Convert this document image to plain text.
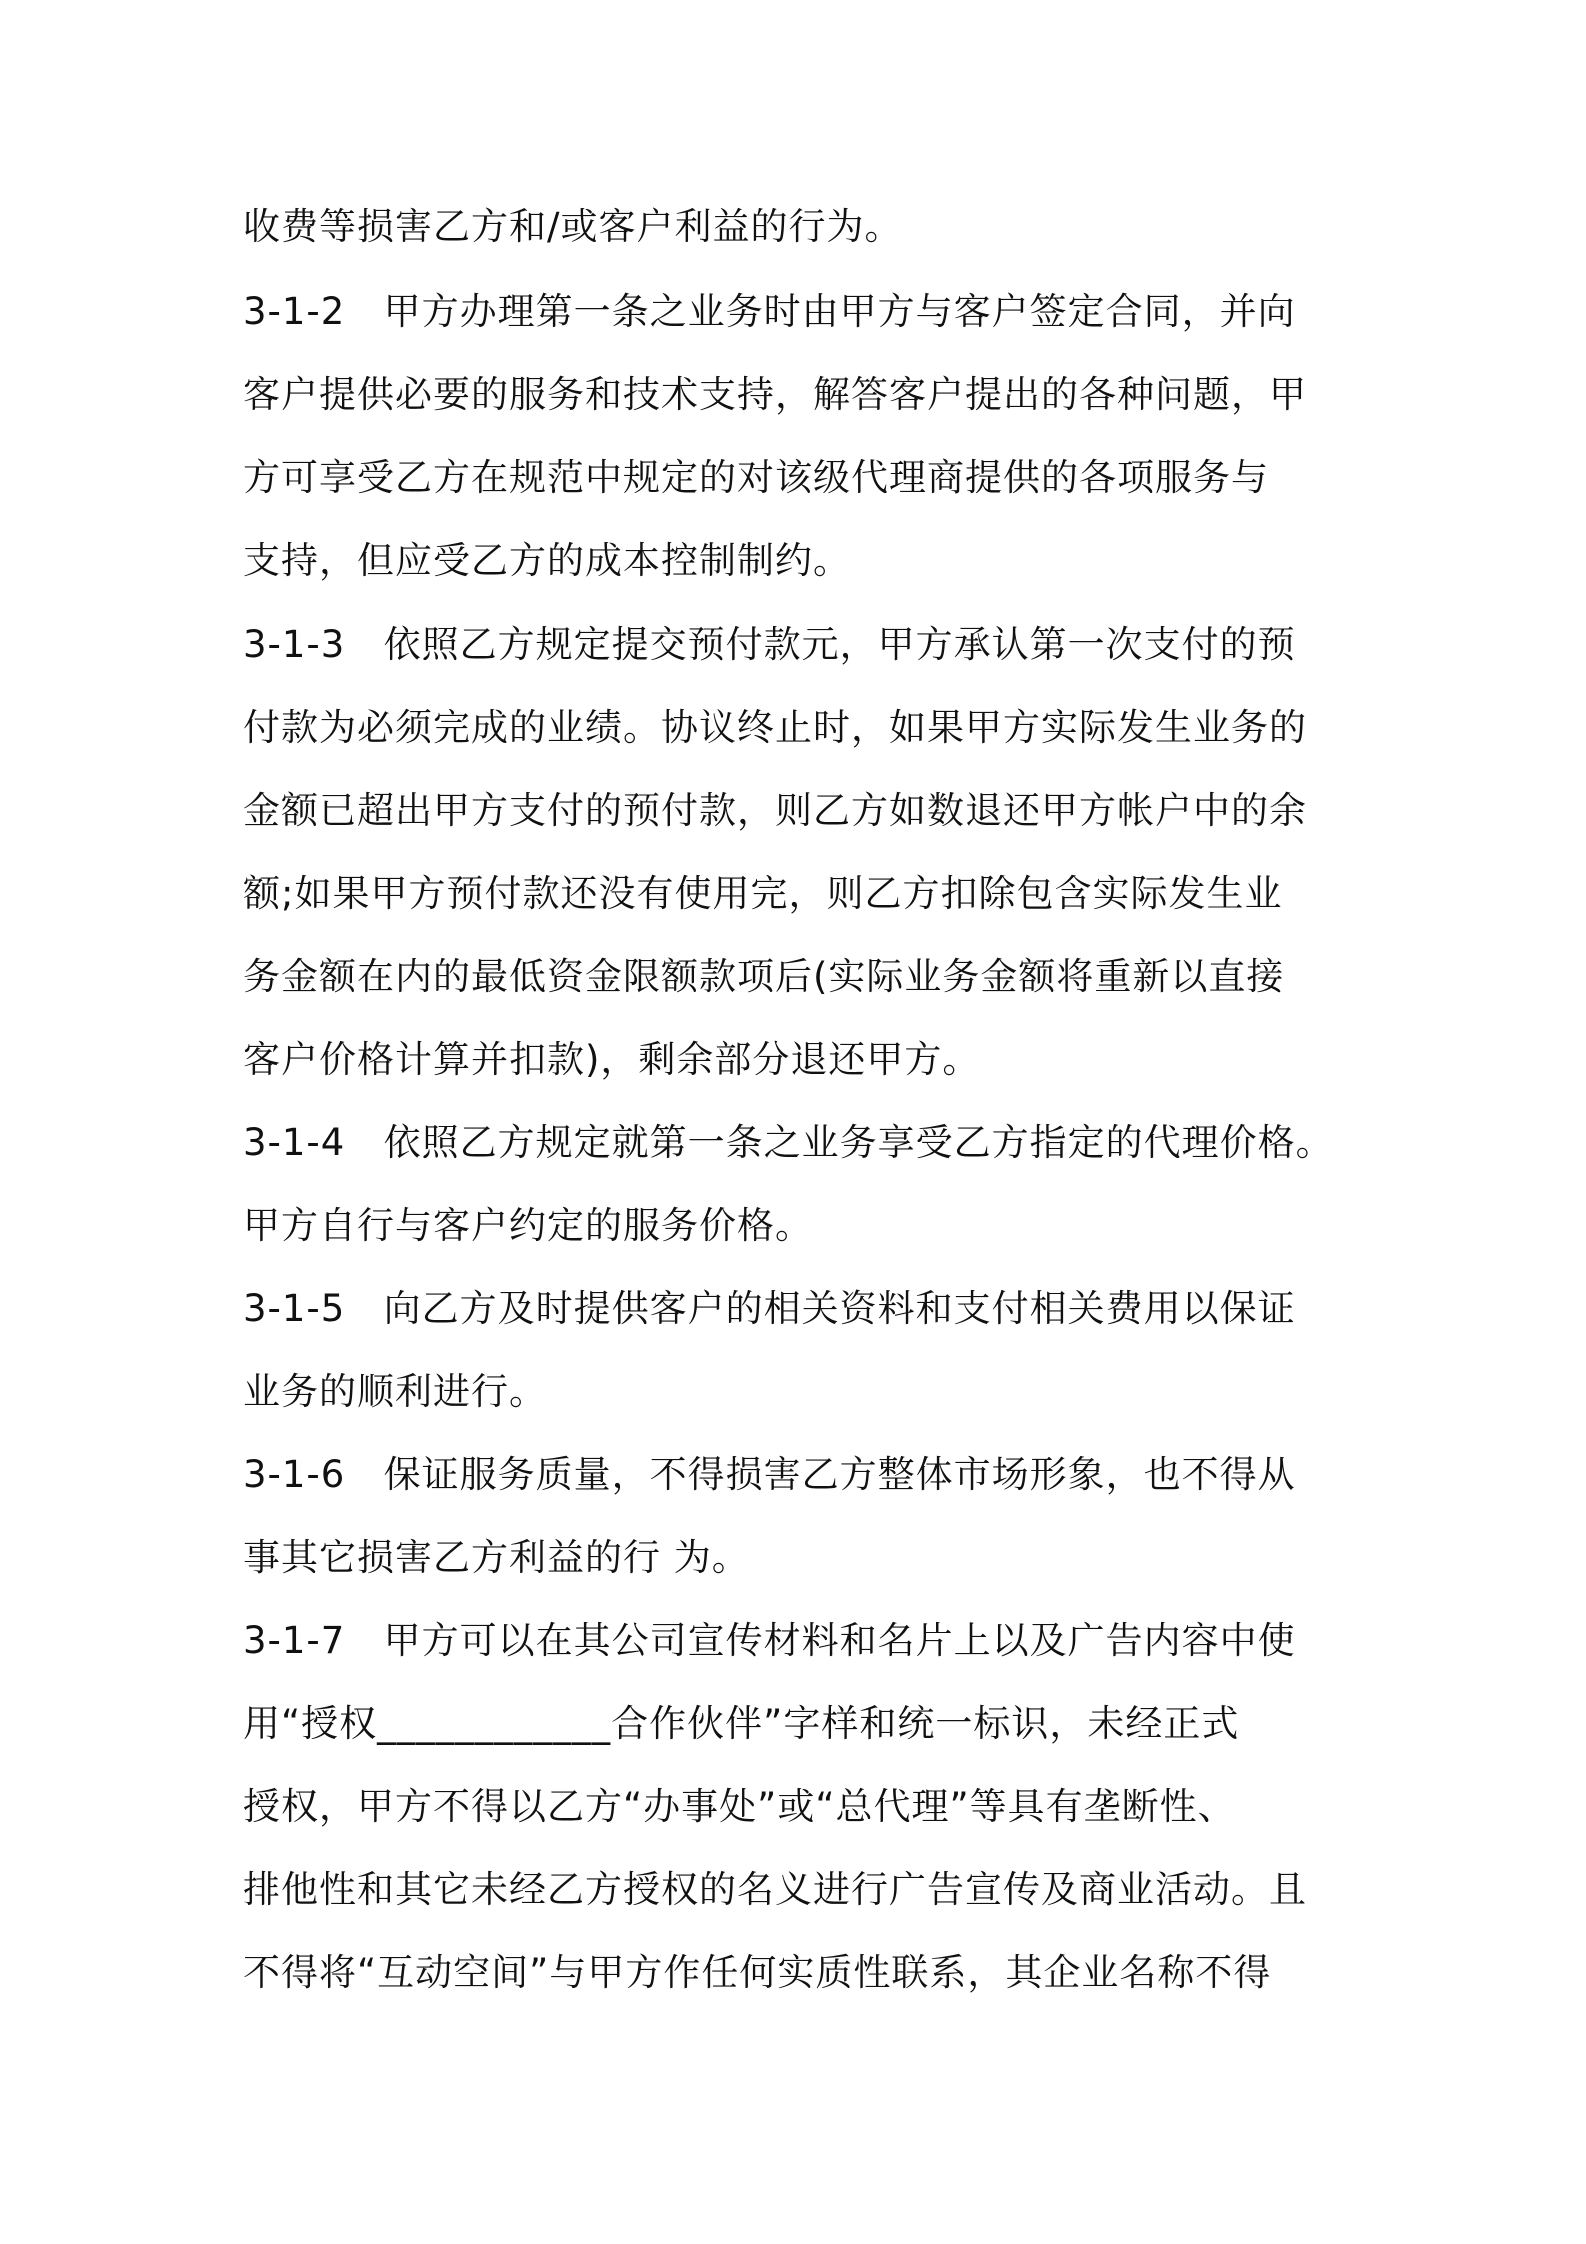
收费等损害乙方和/或客户利益的行为。
3-1-2   甲方办理第一条之业务时由甲方与客户签定合同，并向
客户提供必要的服务和技术支持，解答客户提出的各种问题，甲
方可享受乙方在规范中规定的对该级代理商提供的各项服务与
支持，但应受乙方的成本控制制约。
3-1-3   依照乙方规定提交预付款元，甲方承认第一次支付的预
付款为必须完成的业绩。协议终止时，如果甲方实际发生业务的
金额已超出甲方支付的预付款，则乙方如数退还甲方帐户中的余
额;如果甲方预付款还没有使用完，则乙方扣除包含实际发生业
务金额在内的最低资金限额款项后(实际业务金额将重新以直接
客户价格计算并扣款)，剩余部分退还甲方。
3-1-4   依照乙方规定就第一条之业务享受乙方指定的代理价格。
甲方自行与客户约定的服务价格。
3-1-5   向乙方及时提供客户的相关资料和支付相关费用以保证
业务的顺利进行。
3-1-6   保证服务质量，不得损害乙方整体市场形象，也不得从
事其它损害乙方利益的行 为。
3-1-7   甲方可以在其公司宣传材料和名片上以及广告内容中使
用“授权____________合作伙伴”字样和统一标识，未经正式
授权，甲方不得以乙方“办事处”或“总代理”等具有垄断性、
排他性和其它未经乙方授权的名义进行广告宣传及商业活动。且
不得将“互动空间”与甲方作任何实质性联系，其企业名称不得
